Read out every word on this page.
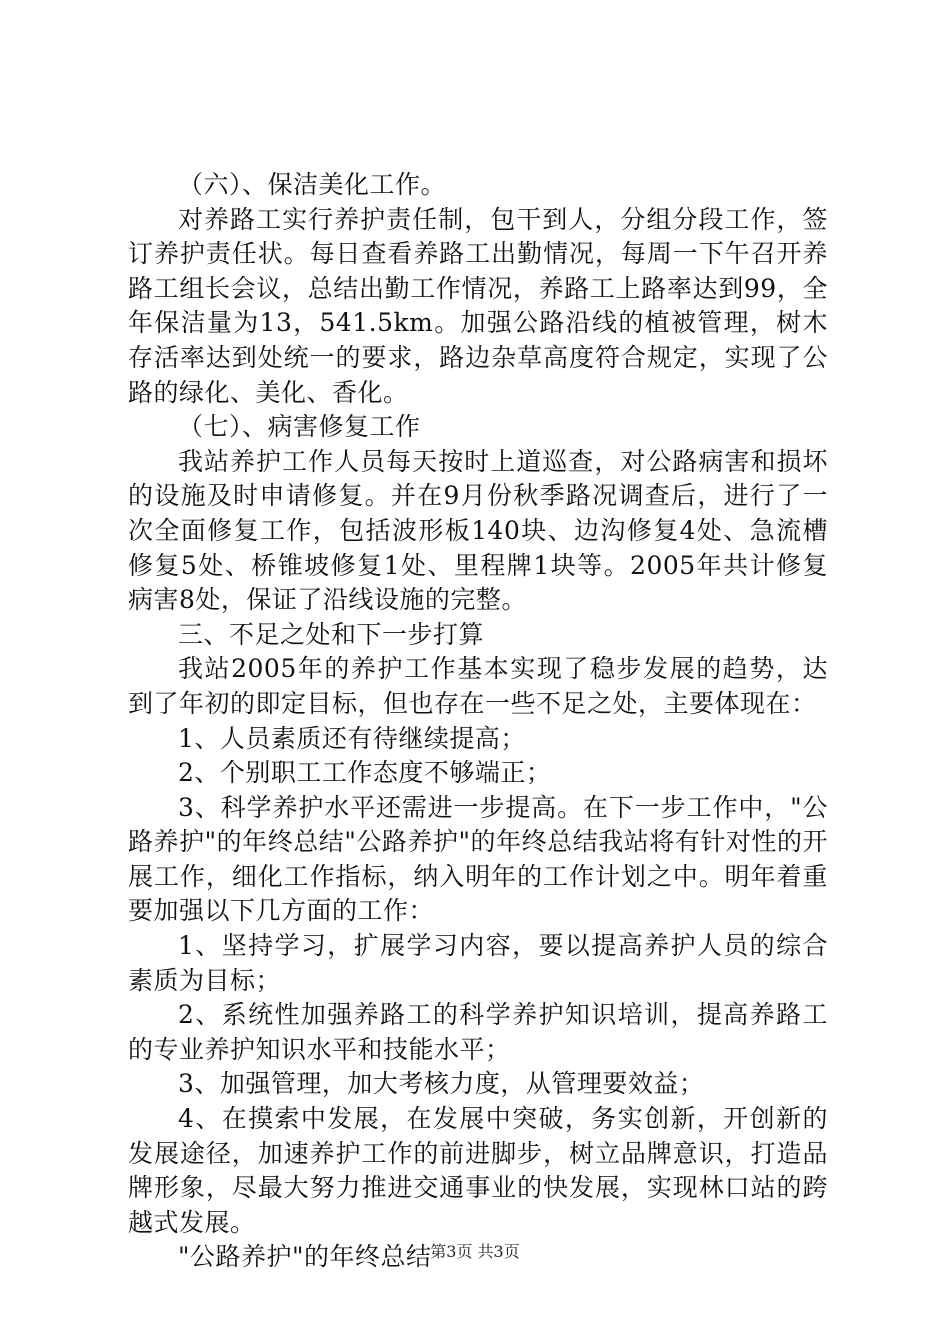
（六）、保洁美化工作。

对养路工实行养护责任制，包干到人，分组分段工作，签订养护责任状。每日查看养路工出勤情况，每周一下午召开养路工组长会议，总结出勤工作情况，养路工上路率达到99，全年保洁量为13，541.5km。加强公路沿线的植被管理，树木存活率达到处统一的要求，路边杂草高度符合规定，实现了公路的绿化、美化、香化。

（七）、病害修复工作

我站养护工作人员每天按时上道巡查，对公路病害和损坏的设施及时申请修复。并在9月份秋季路况调查后，进行了一次全面修复工作，包括波形板140块、边沟修复4处、急流槽修复5处、桥锥坡修复1处、里程牌1块等。2005年共计修复病害8处，保证了沿线设施的完整。

三、不足之处和下一步打算

我站2005年的养护工作基本实现了稳步发展的趋势，达到了年初的即定目标，但也存在一些不足之处，主要体现在：

1、人员素质还有待继续提高；

2、个别职工工作态度不够端正；

3、科学养护水平还需进一步提高。在下一步工作中，"公路养护"的年终总结"公路养护"的年终总结我站将有针对性的开展工作，细化工作指标，纳入明年的工作计划之中。明年着重要加强以下几方面的工作：

1、坚持学习，扩展学习内容，要以提高养护人员的综合素质为目标；

2、系统性加强养路工的科学养护知识培训，提高养路工的专业养护知识水平和技能水平；

3、加强管理，加大考核力度，从管理要效益；

4、在摸索中发展，在发展中突破，务实创新，开创新的发展途径，加速养护工作的前进脚步，树立品牌意识，打造品牌形象，尽最大努力推进交通事业的快发展，实现林口站的跨越式发展。

"公路养护"的年终总结

第3页 共3页
